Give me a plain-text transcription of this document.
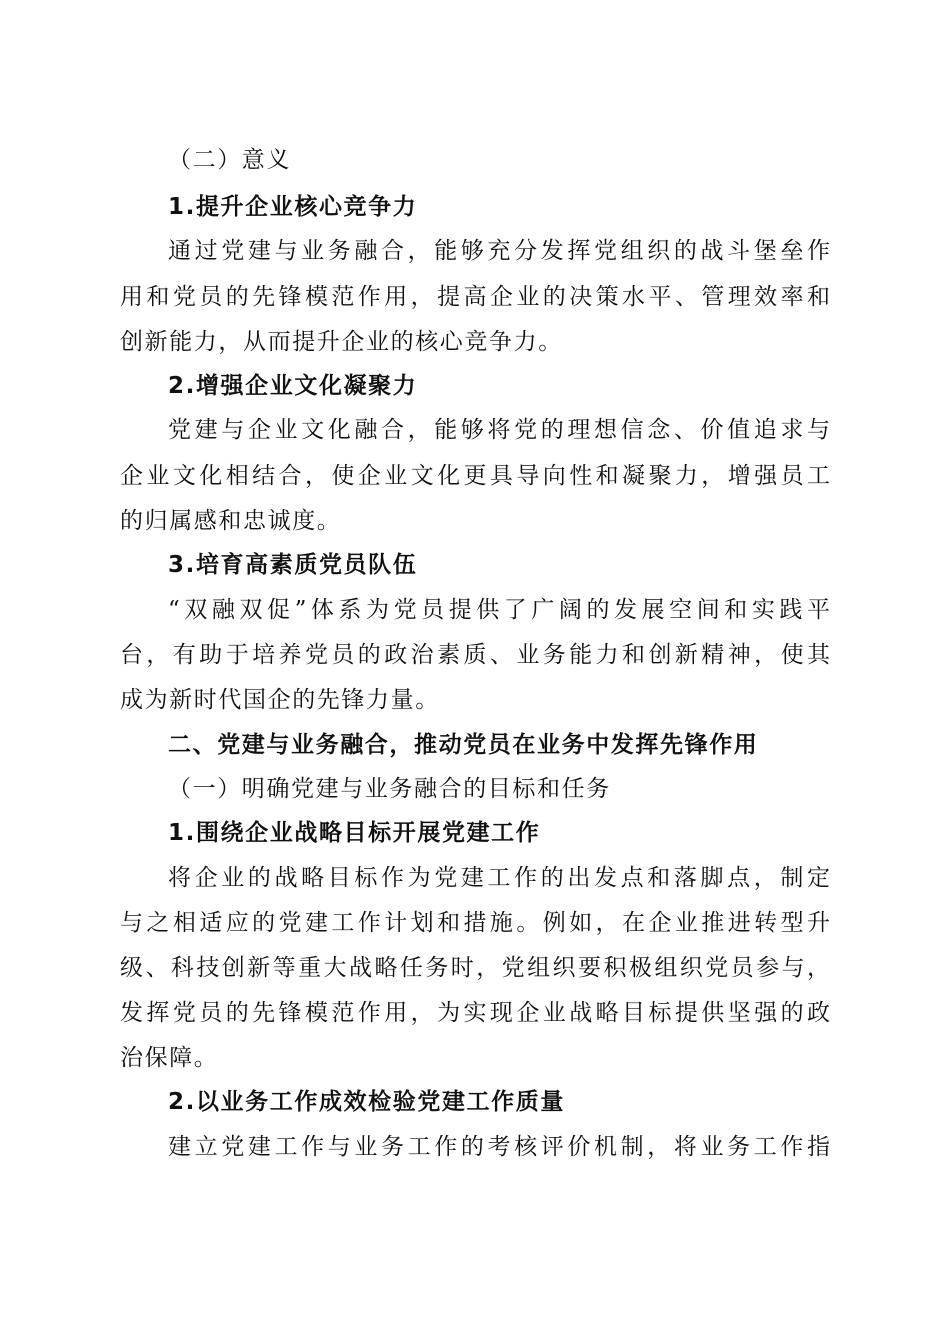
（二）意义
1.提升企业核心竞争力
通过党建与业务融合，能够充分发挥党组织的战斗堡垒作
用和党员的先锋模范作用，提高企业的决策水平、管理效率和
创新能力，从而提升企业的核心竞争力。
2.增强企业文化凝聚力
党建与企业文化融合，能够将党的理想信念、价值追求与
企业文化相结合，使企业文化更具导向性和凝聚力，增强员工
的归属感和忠诚度。
3.培育高素质党员队伍
“双融双促”体系为党员提供了广阔的发展空间和实践平
台，有助于培养党员的政治素质、业务能力和创新精神，使其
成为新时代国企的先锋力量。
二、党建与业务融合，推动党员在业务中发挥先锋作用
（一）明确党建与业务融合的目标和任务
1.围绕企业战略目标开展党建工作
将企业的战略目标作为党建工作的出发点和落脚点，制定
与之相适应的党建工作计划和措施。例如，在企业推进转型升
级、科技创新等重大战略任务时，党组织要积极组织党员参与，
发挥党员的先锋模范作用，为实现企业战略目标提供坚强的政
治保障。
2.以业务工作成效检验党建工作质量
建立党建工作与业务工作的考核评价机制，将业务工作指
